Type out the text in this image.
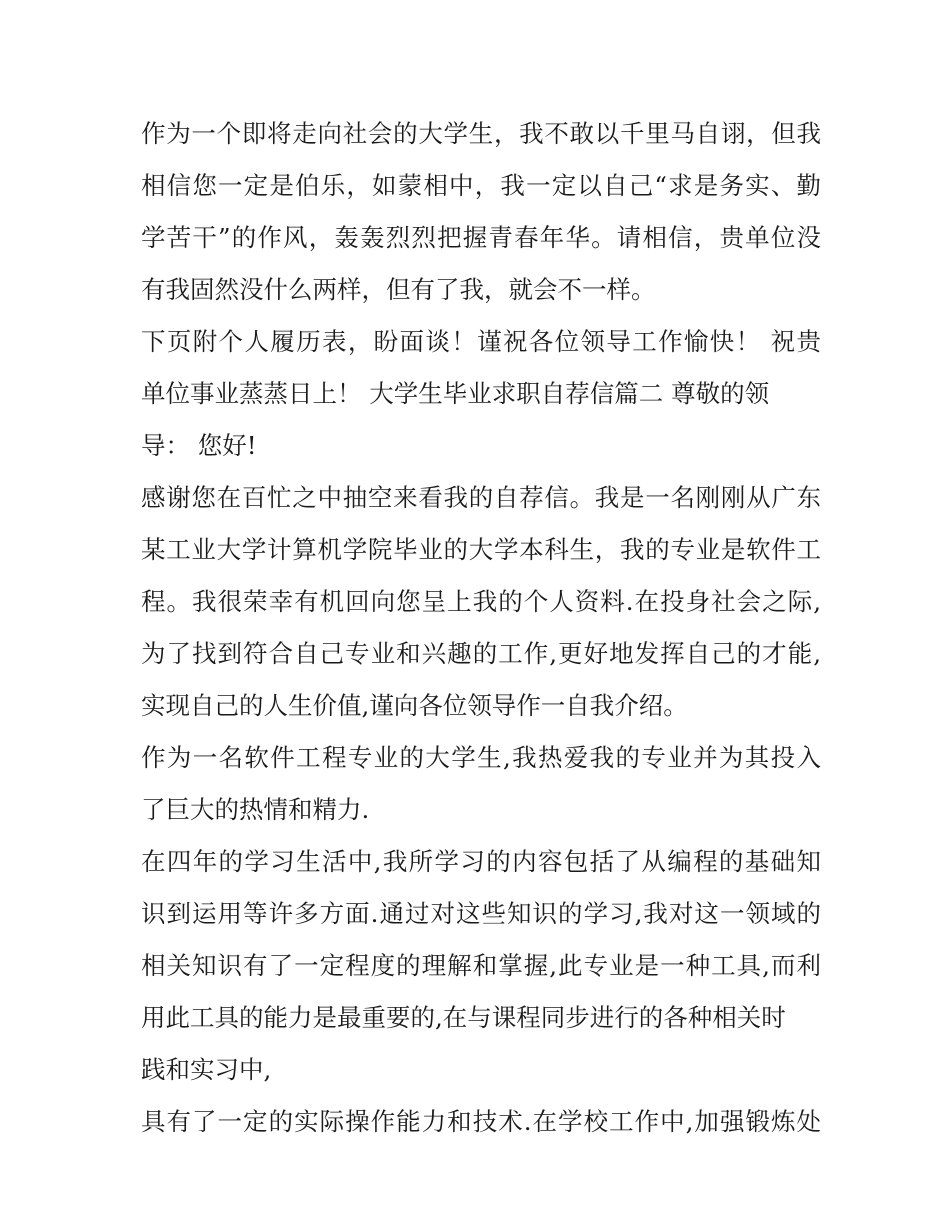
作为一个即将走向社会的大学生，我不敢以千里马自诩，但我
相信您一定是伯乐，如蒙相中，我一定以自己“求是务实、勤
学苦干”的作风，轰轰烈烈把握青春年华。请相信，贵单位没
有我固然没什么两样，但有了我，就会不一样。

下页附个人履历表，盼面谈！谨祝各位领导工作愉快！ 祝贵
单位事业蒸蒸日上！ 大学生毕业求职自荐信篇二 尊敬的领
导： 您好!

感谢您在百忙之中抽空来看我的自荐信。我是一名刚刚从广东
某工业大学计算机学院毕业的大学本科生，我的专业是软件工
程。我很荣幸有机回向您呈上我的个人资料.在投身社会之际,
为了找到符合自己专业和兴趣的工作,更好地发挥自己的才能,
实现自己的人生价值,谨向各位领导作一自我介绍。

作为一名软件工程专业的大学生,我热爱我的专业并为其投入
了巨大的热情和精力.

在四年的学习生活中,我所学习的内容包括了从编程的基础知
识到运用等许多方面.通过对这些知识的学习,我对这一领域的
相关知识有了一定程度的理解和掌握,此专业是一种工具,而利
用此工具的能力是最重要的,在与课程同步进行的各种相关时
践和实习中,

具有了一定的实际操作能力和技术.在学校工作中,加强锻炼处
